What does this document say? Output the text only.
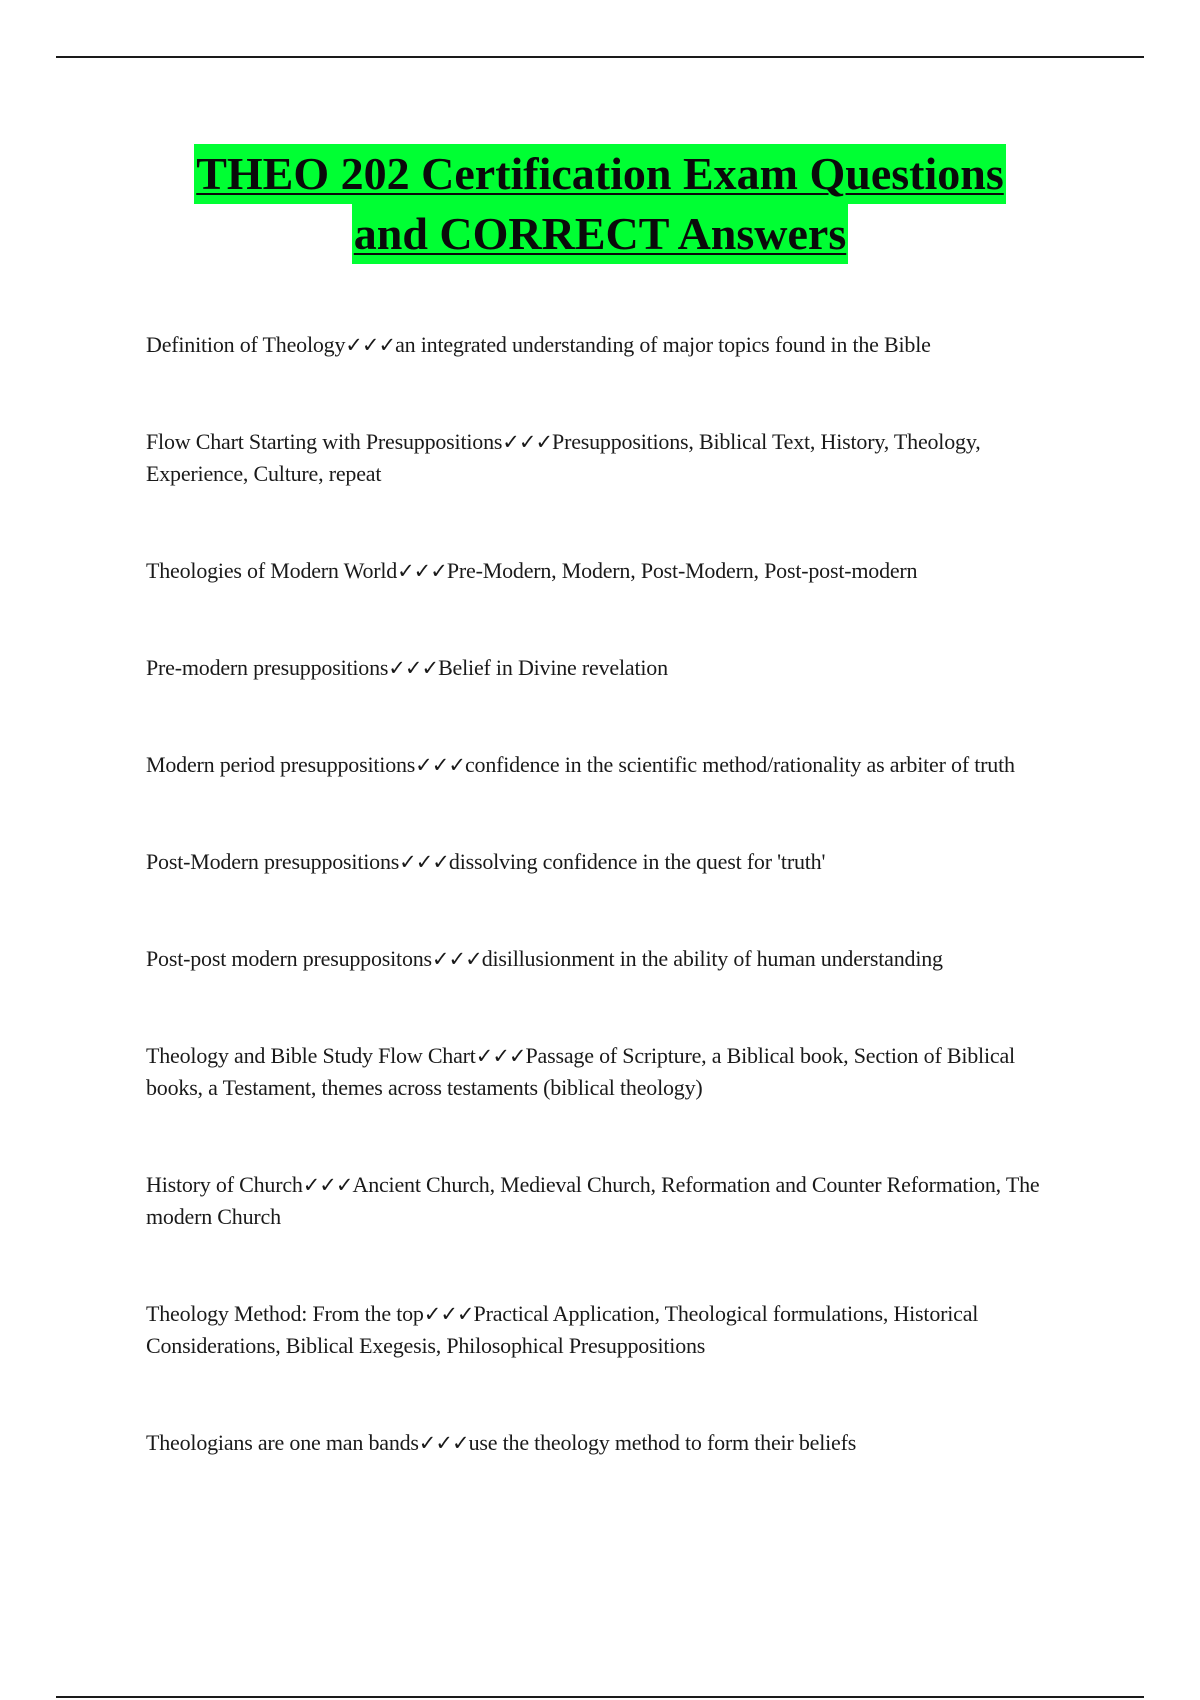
THEO 202 Certification Exam Questions
and CORRECT Answers

Definition of Theology✓✓✓an integrated understanding of major topics found in the Bible

Flow Chart Starting with Presuppositions✓✓✓Presuppositions, Biblical Text, History, Theology, Experience, Culture, repeat

Theologies of Modern World✓✓✓Pre-Modern, Modern, Post-Modern, Post-post-modern

Pre-modern presuppositions✓✓✓Belief in Divine revelation

Modern period presuppositions✓✓✓confidence in the scientific method/rationality as arbiter of truth

Post-Modern presuppositions✓✓✓dissolving confidence in the quest for 'truth'

Post-post modern presuppositons✓✓✓disillusionment in the ability of human understanding

Theology and Bible Study Flow Chart✓✓✓Passage of Scripture, a Biblical book, Section of Biblical books, a Testament, themes across testaments (biblical theology)

History of Church✓✓✓Ancient Church, Medieval Church, Reformation and Counter Reformation, The modern Church

Theology Method: From the top✓✓✓Practical Application, Theological formulations, Historical Considerations, Biblical Exegesis, Philosophical Presuppositions

Theologians are one man bands✓✓✓use the theology method to form their beliefs
